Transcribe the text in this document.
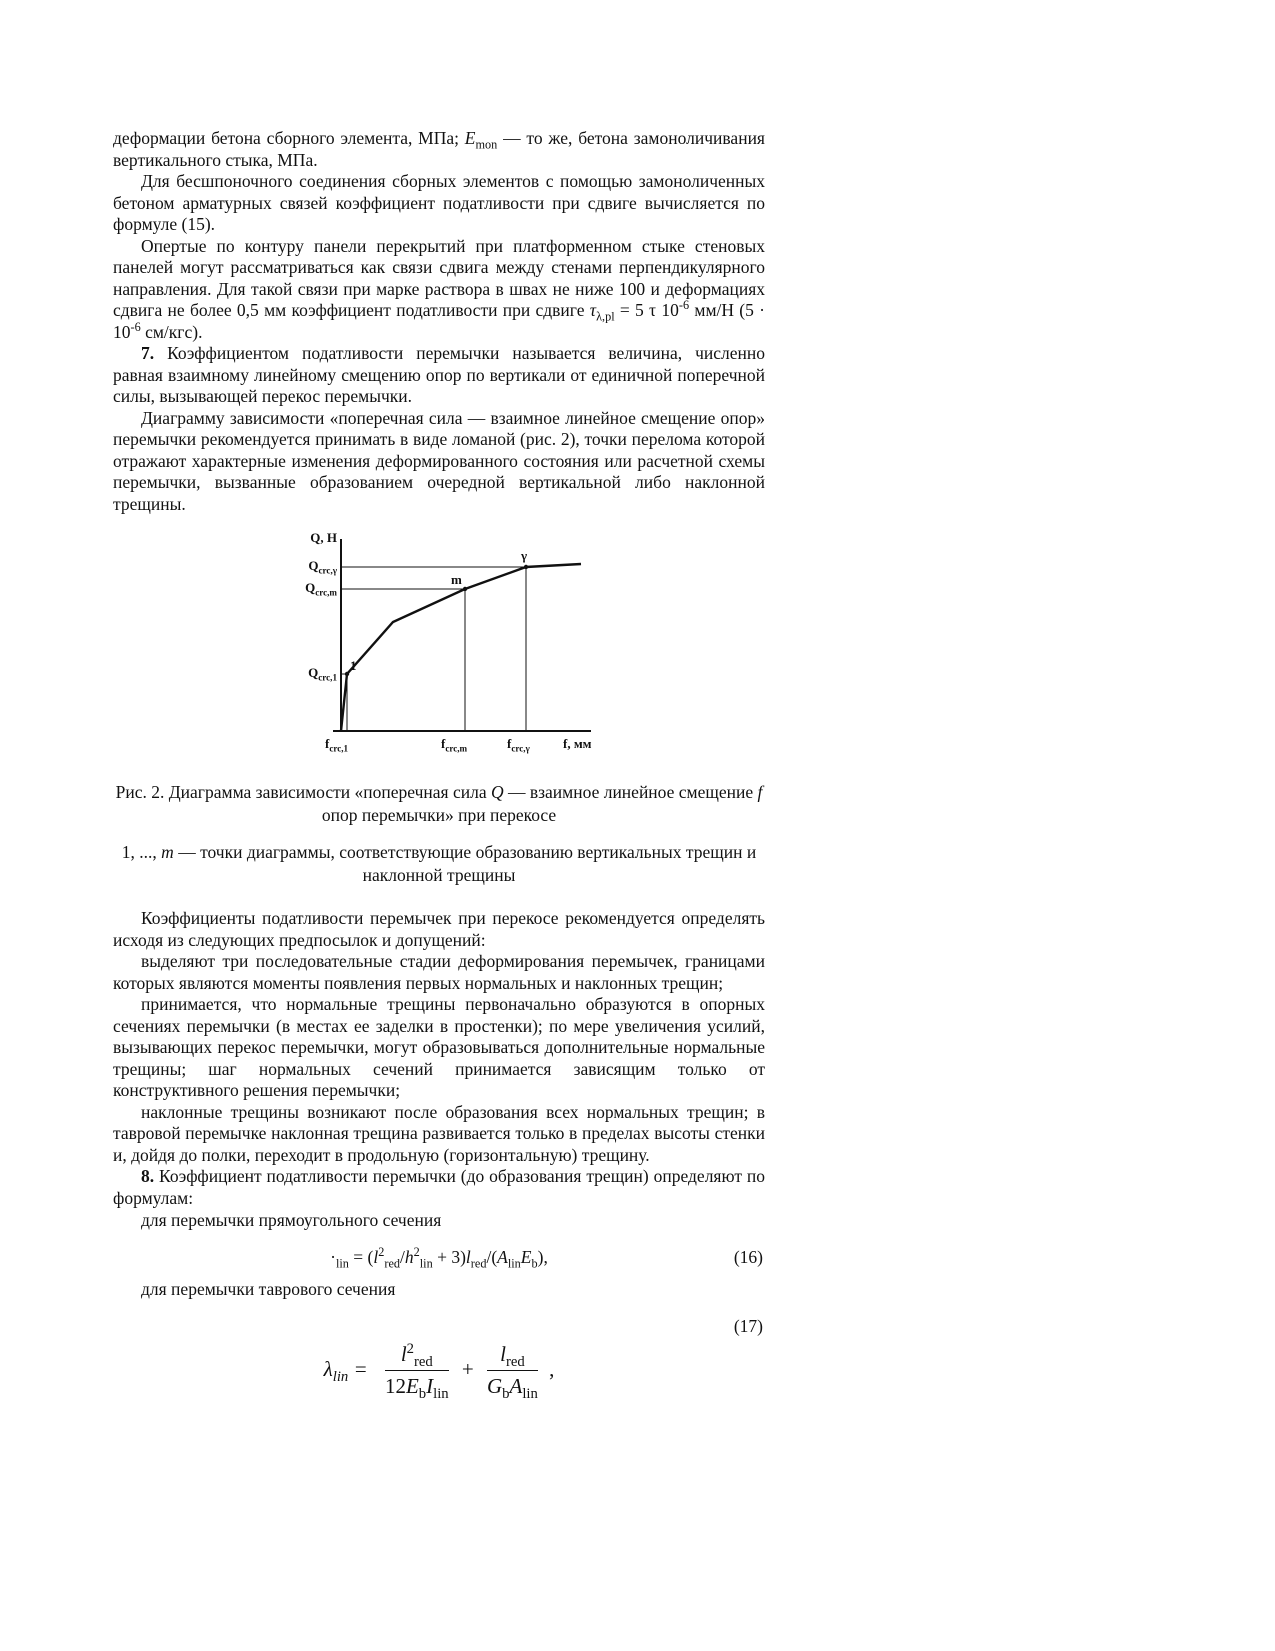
деформации бетона сборного элемента, МПа; $E_{mon}$ — то же, бетона замоноличивания вертикального стыка, МПа.

Для бесшпоночного соединения сборных элементов с помощью замоноличенных бетоном арматурных связей коэффициент податливости при сдвиге вычисляется по формуле (15).

Опертые по контуру панели перекрытий при платформенном стыке стеновых панелей могут рассматриваться как связи сдвига между стенами перпендикулярного направления. Для такой связи при марке раствора в швах не ниже 100 и деформациях сдвига не более 0,5 мм коэффициент податливости при сдвиге $\tau_{\lambda,pl} = 5$ τ $10^{-6}$ мм/Н ($5 \cdot 10^{-6}$ см/кгс).

7. Коэффициентом податливости перемычки называется величина, численно равная взаимному линейному смещению опор по вертикали от единичной поперечной силы, вызывающей перекос перемычки.

Диаграмму зависимости «поперечная сила — взаимное линейное смещение опор» перемычки рекомендуется принимать в виде ломаной (рис. 2), точки перелома которой отражают характерные изменения деформированного состояния или расчетной схемы перемычки, вызванные образованием очередной вертикальной либо наклонной трещины.

Q, Н
$Q_{crc,\gamma}$
$Q_{crc,m}$
$Q_{crc,1}$
1
m
γ
$f_{crc,1}$	$f_{crc,m}$	$f_{crc,\gamma}$	f, мм

Рис. 2. Диаграмма зависимости «поперечная сила Q — взаимное линейное смещение f опор перемычки» при перекосе

1, ..., m — точки диаграммы, соответствующие образованию вертикальных трещин и наклонной трещины

Коэффициенты податливости перемычек при перекосе рекомендуется определять исходя из следующих предпосылок и допущений:

выделяют три последовательные стадии деформирования перемычек, границами которых являются моменты появления первых нормальных и наклонных трещин;

принимается, что нормальные трещины первоначально образуются в опорных сечениях перемычки (в местах ее заделки в простенки); по мере увеличения усилий, вызывающих перекос перемычки, могут образовываться дополнительные нормальные трещины; шаг нормальных сечений принимается зависящим только от конструктивного решения перемычки;

наклонные трещины возникают после образования всех нормальных трещин; в тавровой перемычке наклонная трещина развивается только в пределах высоты стенки и, дойдя до полки, переходит в продольную (горизонтальную) трещину.

8. Коэффициент податливости перемычки (до образования трещин) определяют по формулам:

для перемычки прямоугольного сечения

$\cdot_{lin} = (l^2_{red}/h^2_{lin} + 3)l_{red}/(A_{lin}E_b)$,	(16)

для перемычки таврового сечения

(17)
$\lambda_{lin} = \frac{l^2_{red}}{12E_bI_{lin}} + \frac{l_{red}}{G_bA_{lin}}$ ,
